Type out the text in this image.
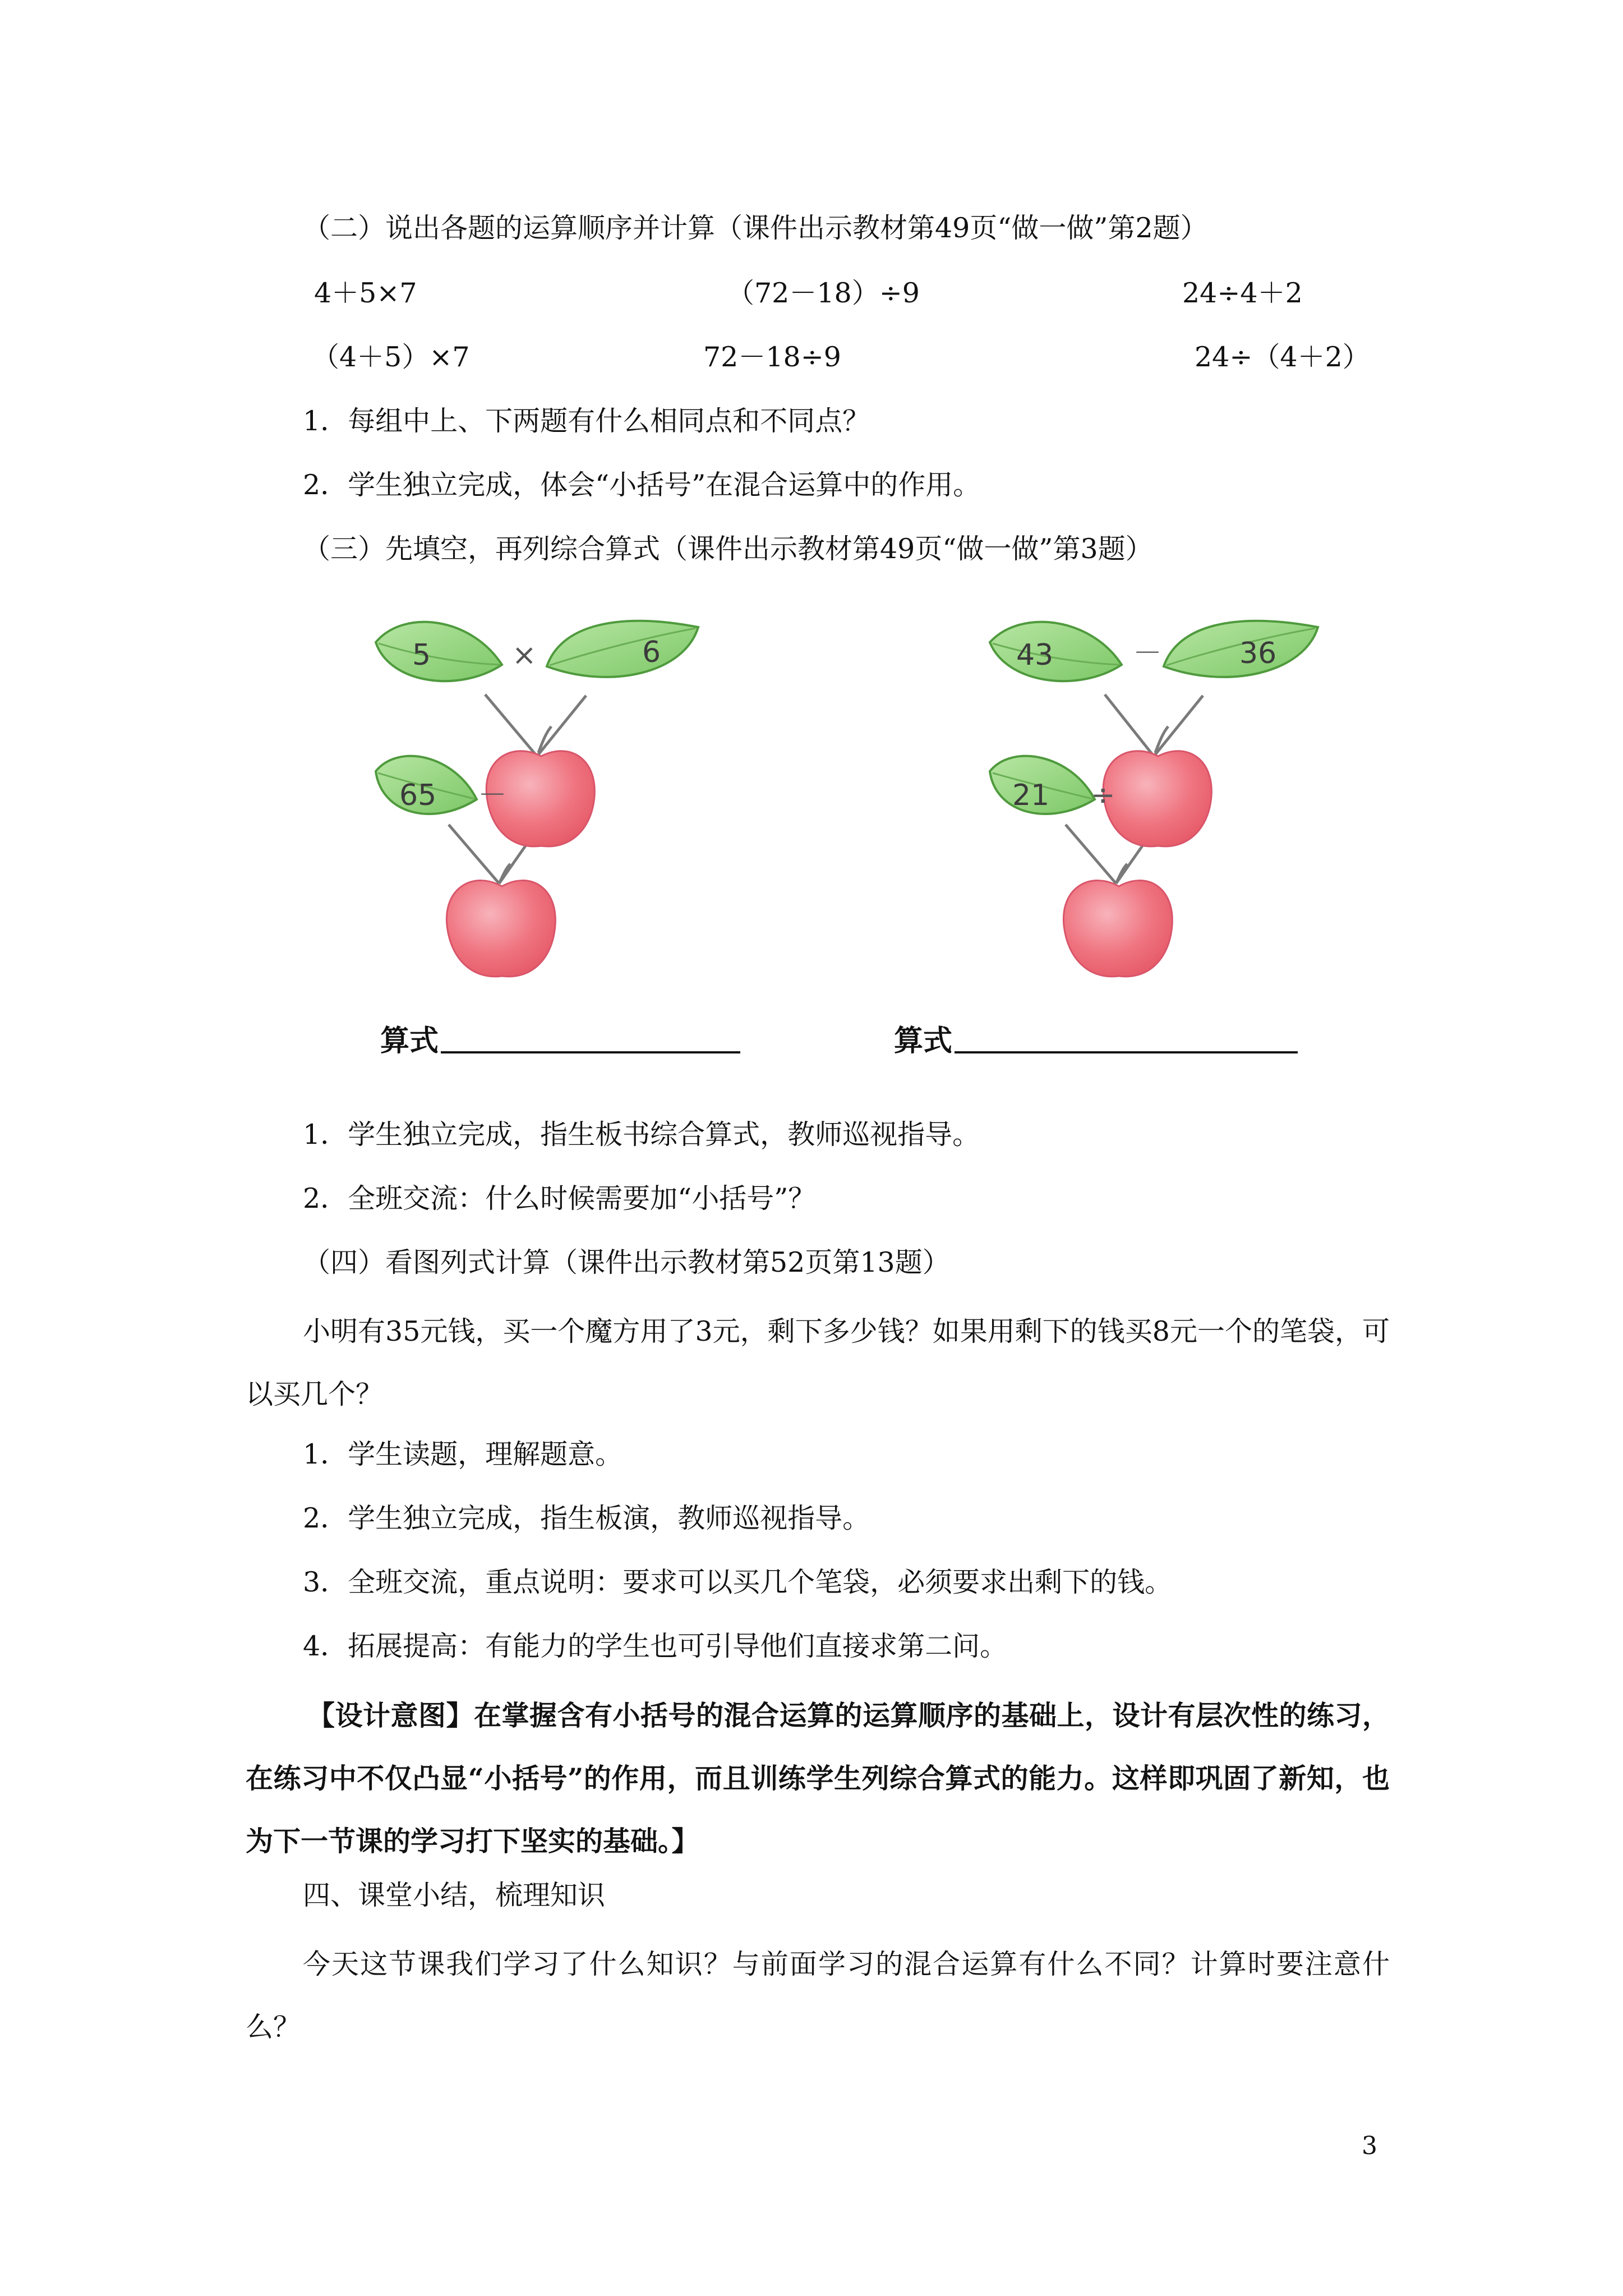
（二）说出各题的运算顺序并计算（课件出示教材第49页“做一做”第2题）
4＋5×7	（72－18）÷9	24÷4＋2
（4＋5）×7	72－18÷9	24÷（4＋2）
1．每组中上、下两题有什么相同点和不同点？
2．学生独立完成，体会“小括号”在混合运算中的作用。
（三）先填空，再列综合算式（课件出示教材第49页“做一做”第3题）
5	×	6
65 －
43	－	36
21 ÷
算式	算式
1．学生独立完成，指生板书综合算式，教师巡视指导。
2．全班交流：什么时候需要加“小括号”？
（四）看图列式计算（课件出示教材第52页第13题）
小明有35元钱，买一个魔方用了3元，剩下多少钱？如果用剩下的钱买8元一个的笔袋，可以买几个？
1．学生读题，理解题意。
2．学生独立完成，指生板演，教师巡视指导。
3．全班交流，重点说明：要求可以买几个笔袋，必须要求出剩下的钱。
4．拓展提高：有能力的学生也可引导他们直接求第二问。
【设计意图】在掌握含有小括号的混合运算的运算顺序的基础上，设计有层次性的练习，在练习中不仅凸显“小括号”的作用，而且训练学生列综合算式的能力。这样即巩固了新知，也为下一节课的学习打下坚实的基础。】
四、课堂小结，梳理知识
今天这节课我们学习了什么知识？与前面学习的混合运算有什么不同？计算时要注意什么？
3
